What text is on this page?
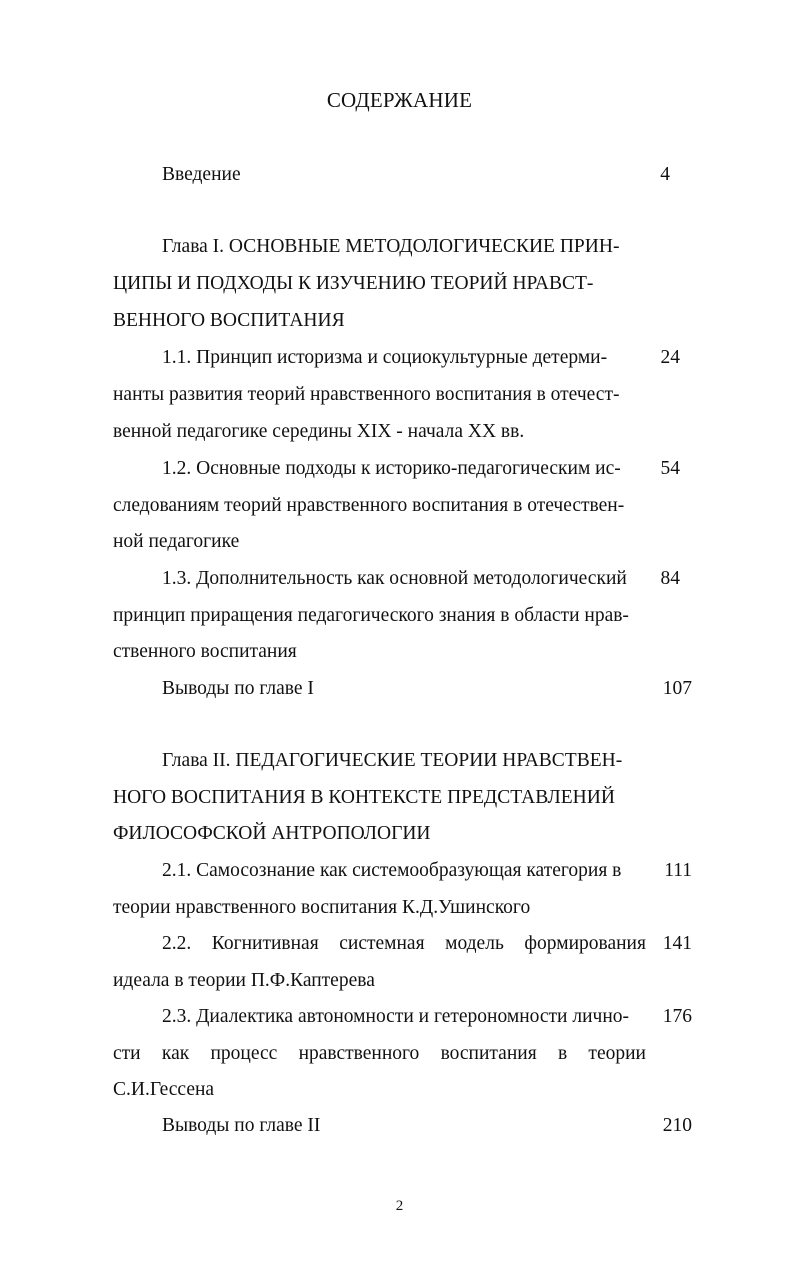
СОДЕРЖАНИЕ
Введение	4
Глава I. ОСНОВНЫЕ МЕТОДОЛОГИЧЕСКИЕ ПРИН-
ЦИПЫ И ПОДХОДЫ К ИЗУЧЕНИЮ ТЕОРИЙ НРАВСТ-
ВЕННОГО ВОСПИТАНИЯ
1.1. Принцип историзма и социокультурные детерми-	24
нанты развития теорий нравственного воспитания в отечест-
венной педагогике середины XIX - начала XX вв.
1.2. Основные подходы к историко-педагогическим ис-	54
следованиям теорий нравственного воспитания в отечествен-
ной педагогике
1.3. Дополнительность как основной методологический	84
принцип приращения педагогического знания в области нрав-
ственного воспитания
Выводы по главе I	107
Глава II. ПЕДАГОГИЧЕСКИЕ ТЕОРИИ НРАВСТВЕН-
НОГО ВОСПИТАНИЯ В КОНТЕКСТЕ ПРЕДСТАВЛЕНИЙ
ФИЛОСОФСКОЙ АНТРОПОЛОГИИ
2.1. Самосознание как системообразующая категория в	111
теории нравственного воспитания К.Д.Ушинского
2.2. Когнитивная системная модель формирования 141
идеала в теории П.Ф.Каптерева
2.3. Диалектика автономности и гетерономности лично-	176
сти как процесс нравственного воспитания в теории
С.И.Гессена
Выводы по главе II	210
2
